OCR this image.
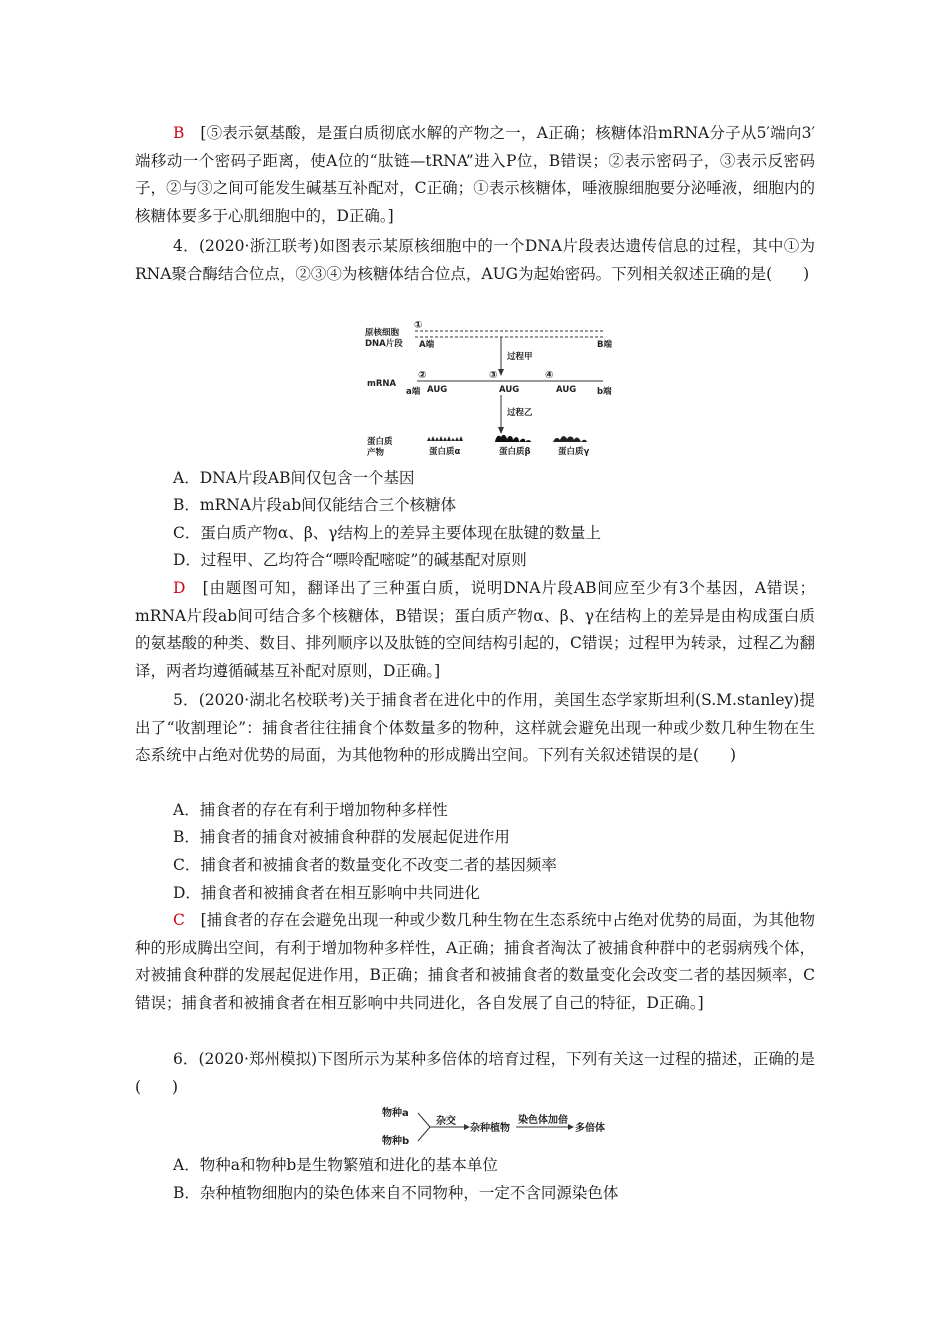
B　 [⑤表示氨基酸，是蛋白质彻底水解的产物之一，A正确；核糖体沿mRNA分子从5′端向3′端移动一个密码子距离，使A位的“肽链—tRNA”进入P位，B错误；②表示密码子，③表示反密码子，②与③之间可能发生碱基互补配对，C正确；①表示核糖体，唾液腺细胞要分泌唾液，细胞内的核糖体要多于心肌细胞中的，D正确。]

4．(2020·浙江联考)如图表示某原核细胞中的一个DNA片段表达遗传信息的过程，其中①为RNA聚合酶结合位点，②③④为核糖体结合位点，AUG为起始密码。下列相关叙述正确的是(　　)

原核细胞
DNA片段
①
A端	B端
过程甲
mRNA
②	③	④
a端 AUG	AUG	AUG b端
过程乙
蛋白质
产物	蛋白质α	蛋白质β	蛋白质γ

A．DNA片段AB间仅包含一个基因

B．mRNA片段ab间仅能结合三个核糖体

C．蛋白质产物α、β、γ结构上的差异主要体现在肽键的数量上

D．过程甲、乙均符合“嘌呤配嘧啶”的碱基配对原则

D　 [由题图可知，翻译出了三种蛋白质，说明DNA片段AB间应至少有3个基因，A错误；mRNA片段ab间可结合多个核糖体，B错误；蛋白质产物α、β、γ在结构上的差异是由构成蛋白质的氨基酸的种类、数目、排列顺序以及肽链的空间结构引起的，C错误；过程甲为转录，过程乙为翻译，两者均遵循碱基互补配对原则，D正确。]

5．(2020·湖北名校联考)关于捕食者在进化中的作用，美国生态学家斯坦利(S.M.stanley)提出了“收割理论”：捕食者往往捕食个体数量多的物种，这样就会避免出现一种或少数几种生物在生态系统中占绝对优势的局面，为其他物种的形成腾出空间。下列有关叙述错误的是(　　)

A．捕食者的存在有利于增加物种多样性

B．捕食者的捕食对被捕食种群的发展起促进作用

C．捕食者和被捕食者的数量变化不改变二者的基因频率

D．捕食者和被捕食者在相互影响中共同进化

C　 [捕食者的存在会避免出现一种或少数几种生物在生态系统中占绝对优势的局面，为其他物种的形成腾出空间，有利于增加物种多样性，A正确；捕食者淘汰了被捕食种群中的老弱病残个体，对被捕食种群的发展起促进作用，B正确；捕食者和被捕食者的数量变化会改变二者的基因频率，C错误；捕食者和被捕食者在相互影响中共同进化，各自发展了自己的特征，D正确。]

6．(2020·郑州模拟)下图所示为某种多倍体的培育过程，下列有关这一过程的描述，正确的是(　　)

物种a
物种b
杂交
杂种植物
染色体加倍
多倍体

A．物种a和物种b是生物繁殖和进化的基本单位

B．杂种植物细胞内的染色体来自不同物种，一定不含同源染色体
